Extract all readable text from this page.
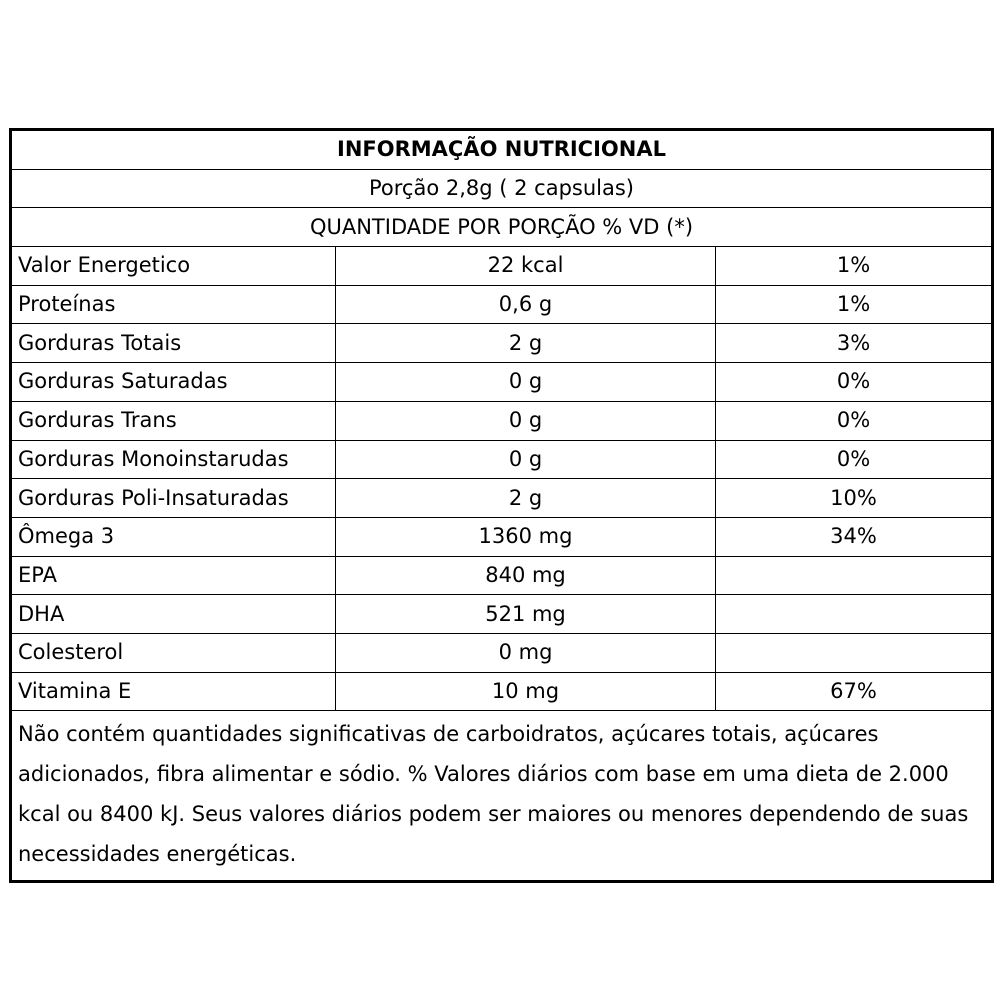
INFORMAÇÃO NUTRICIONAL		
Porção 2,8g ( 2 capsulas)		
QUANTIDADE POR PORÇÃO % VD (*)		
Valor Energetico	22 kcal	1%
Proteínas	0,6 g	1%
Gorduras Totais	2 g	3%
Gorduras Saturadas	0 g	0%
Gorduras Trans	0 g	0%
Gorduras Monoinstarudas	0 g	0%
Gorduras Poli-Insaturadas	2 g	10%
Ômega 3	1360 mg	34%
EPA	840 mg	
DHA	521 mg	
Colesterol	0 mg	
Vitamina E	10 mg	67%
Não contém quantidades significativas de carboidratos, açúcares totais, açúcares adicionados, fibra alimentar e sódio. % Valores diários com base em uma dieta de 2.000 kcal ou 8400 kJ. Seus valores diários podem ser maiores ou menores dependendo de suas necessidades energéticas.		
